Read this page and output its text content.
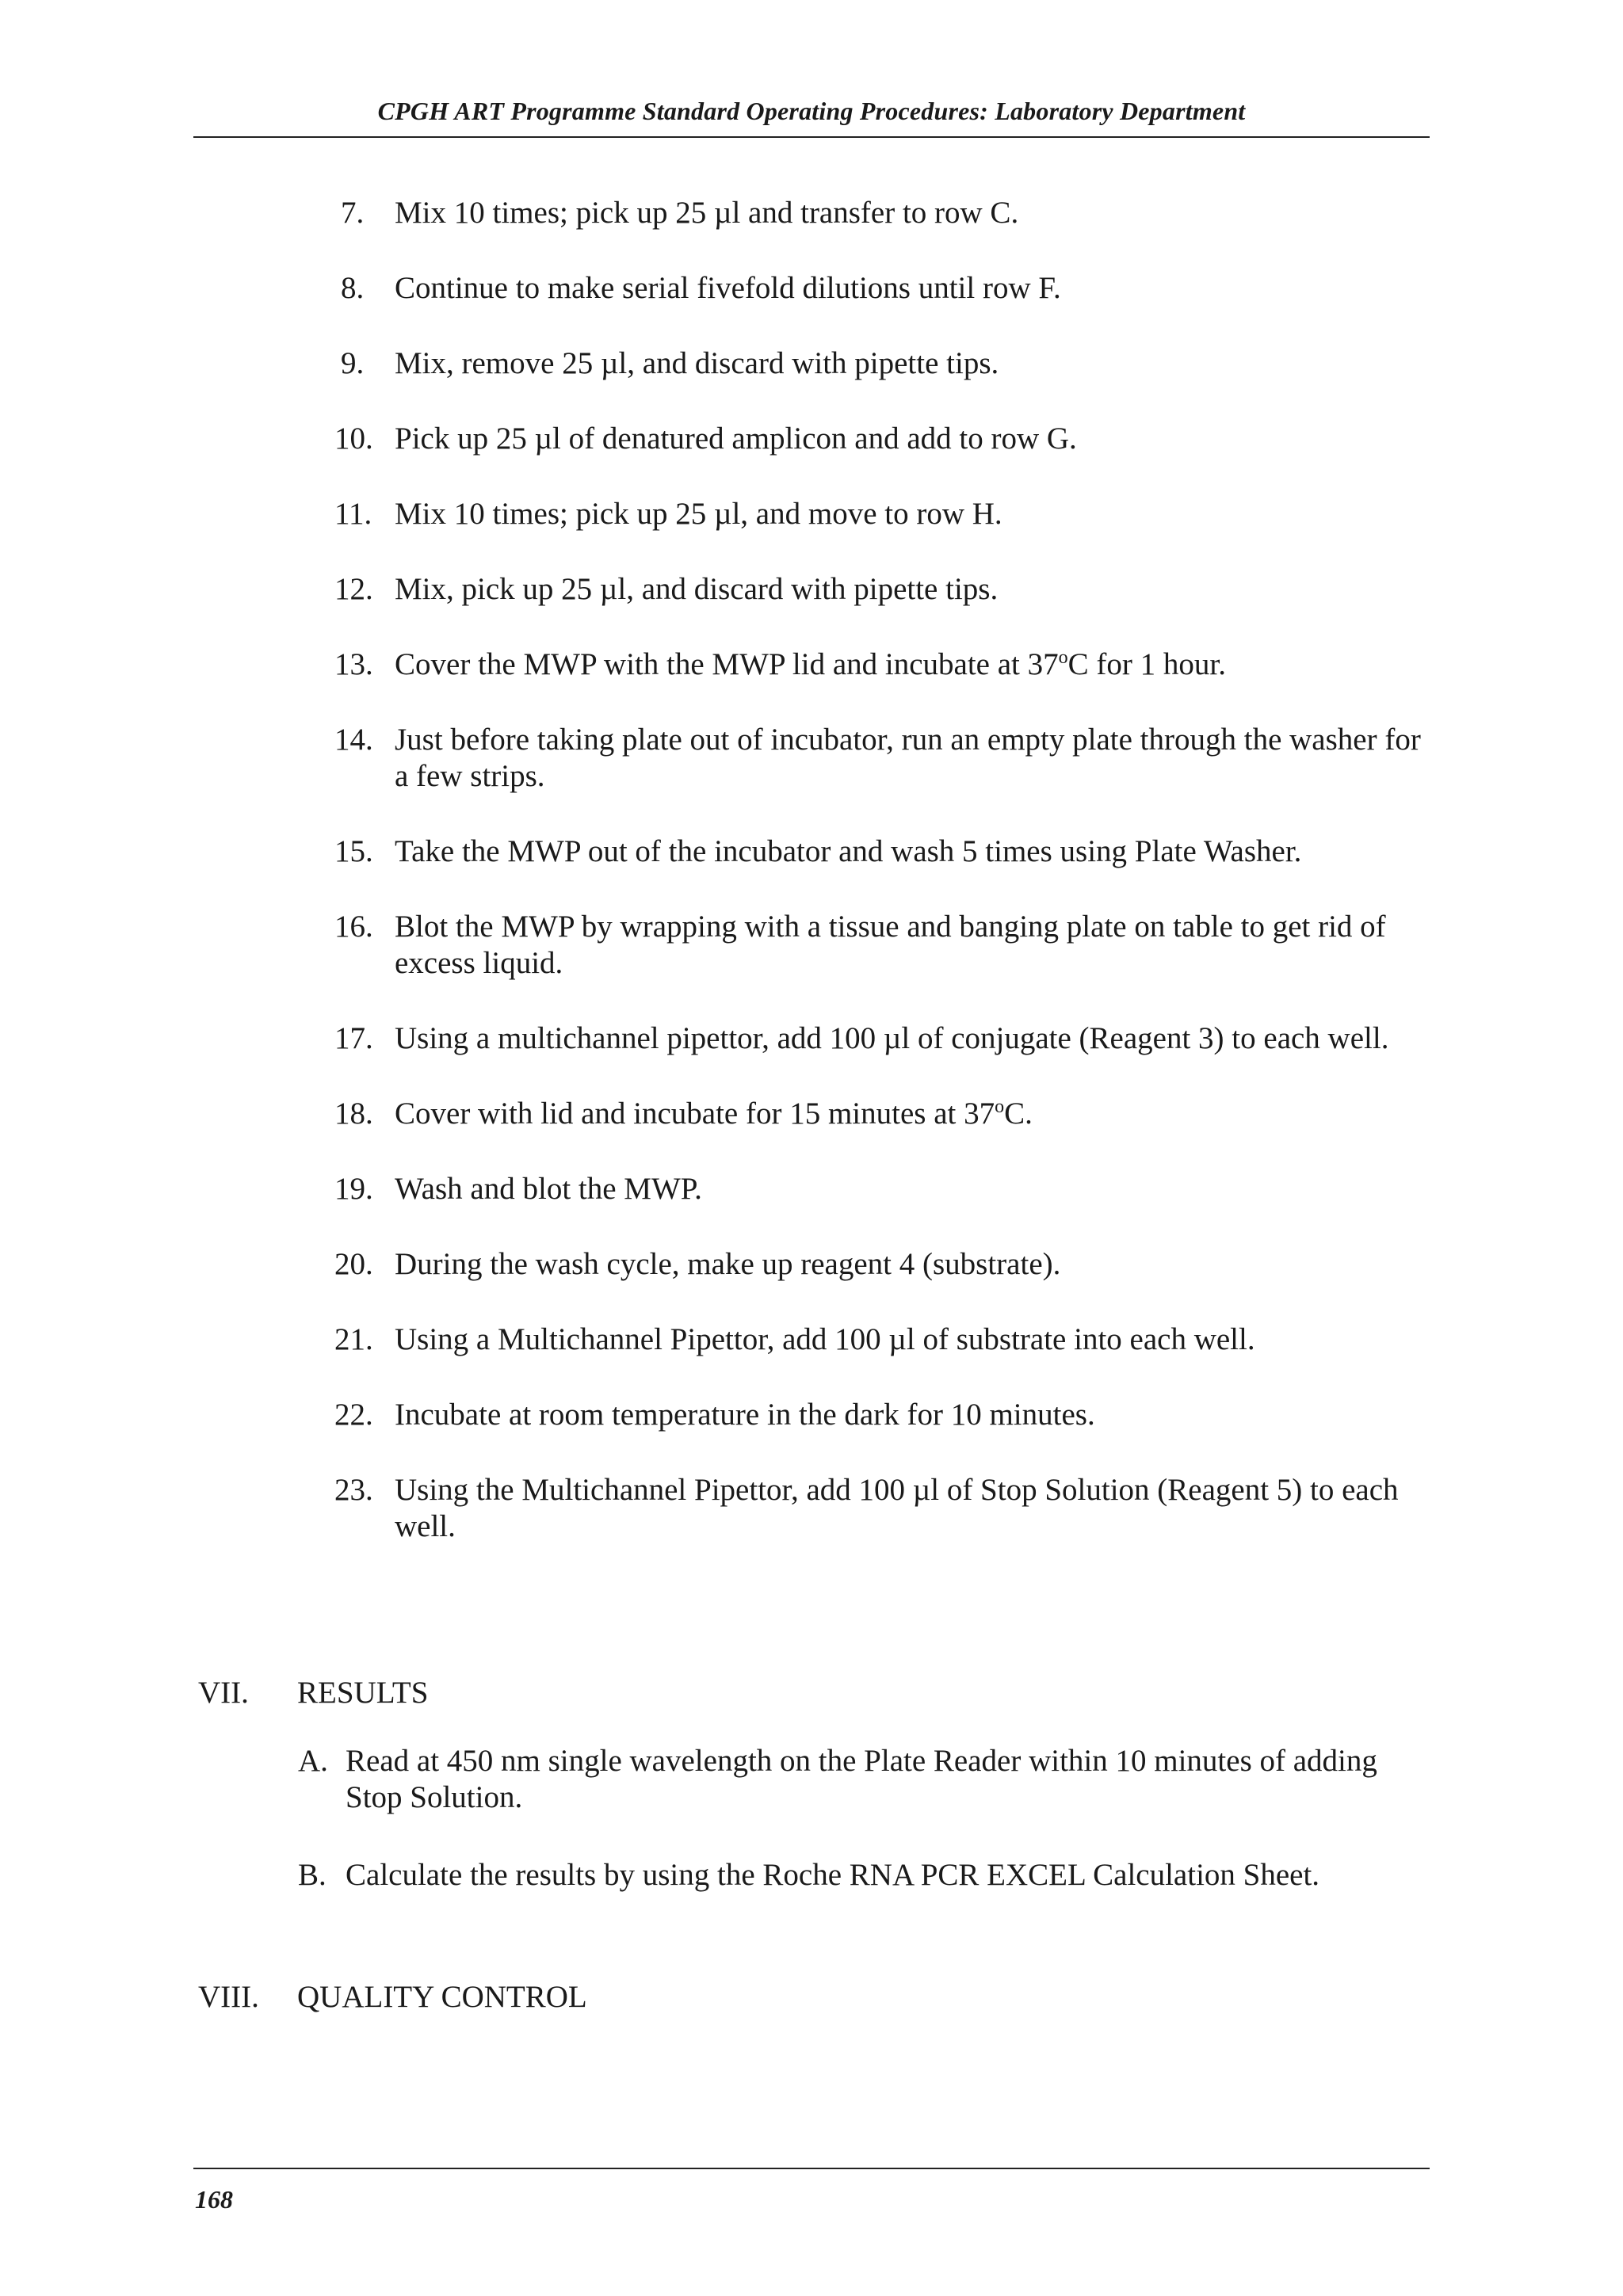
CPGH ART Programme Standard Operating Procedures: Laboratory Department
7. Mix 10 times; pick up 25 µl and transfer to row C.
8. Continue to make serial fivefold dilutions until row F.
9. Mix, remove 25 µl, and discard with pipette tips.
10. Pick up 25 µl of denatured amplicon and add to row G.
11. Mix 10 times; pick up 25 µl, and move to row H.
12. Mix, pick up 25 µl, and discard with pipette tips.
13. Cover the MWP with the MWP lid and incubate at 37$^o$C for 1 hour.
14. Just before taking plate out of incubator, run an empty plate through the washer for a few strips.
15. Take the MWP out of the incubator and wash 5 times using Plate Washer.
16. Blot the MWP by wrapping with a tissue and banging plate on table to get rid of excess liquid.
17. Using a multichannel pipettor, add 100 µl of conjugate (Reagent 3) to each well.
18. Cover with lid and incubate for 15 minutes at 37$^o$C.
19. Wash and blot the MWP.
20. During the wash cycle, make up reagent 4 (substrate).
21. Using a Multichannel Pipettor, add 100 µl of substrate into each well.
22. Incubate at room temperature in the dark for 10 minutes.
23. Using the Multichannel Pipettor, add 100 µl of Stop Solution (Reagent 5) to each well.
VII. RESULTS
A. Read at 450 nm single wavelength on the Plate Reader within 10 minutes of adding Stop Solution.
B. Calculate the results by using the Roche RNA PCR EXCEL Calculation Sheet.
VIII. QUALITY CONTROL
168
